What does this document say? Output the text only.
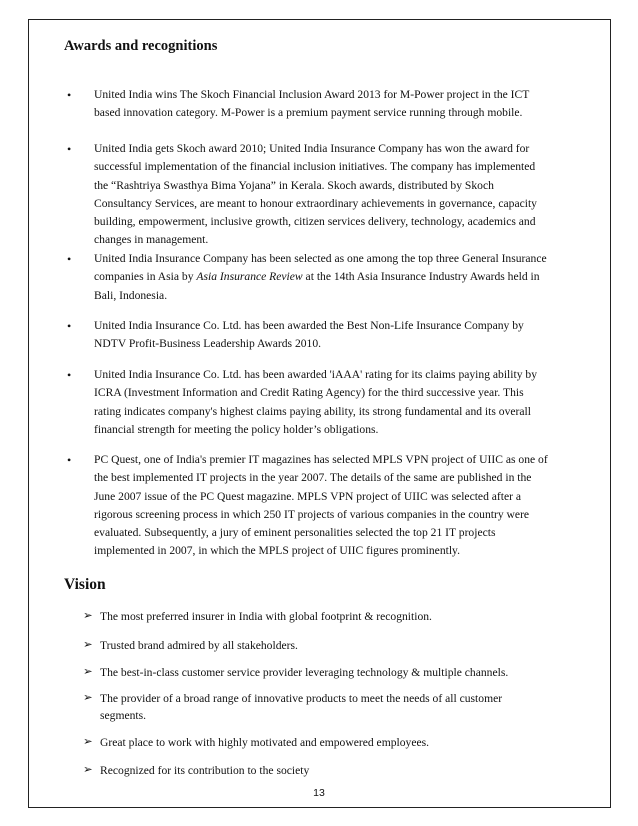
Awards and recognitions
• United India wins The Skoch Financial Inclusion Award 2013 for M-Power project in the ICT based innovation category. M-Power is a premium payment service running through mobile.
• United India gets Skoch award 2010; United India Insurance Company has won the award for successful implementation of the financial inclusion initiatives. The company has implemented the “Rashtriya Swasthya Bima Yojana” in Kerala. Skoch awards, distributed by Skoch Consultancy Services, are meant to honour extraordinary achievements in governance, capacity building, empowerment, inclusive growth, citizen services delivery, technology, academics and changes in management.
• United India Insurance Company has been selected as one among the top three General Insurance companies in Asia by Asia Insurance Review at the 14th Asia Insurance Industry Awards held in Bali, Indonesia.
• United India Insurance Co. Ltd. has been awarded the Best Non-Life Insurance Company by NDTV Profit-Business Leadership Awards 2010.
• United India Insurance Co. Ltd. has been awarded 'iAAA' rating for its claims paying ability by ICRA (Investment Information and Credit Rating Agency) for the third successive year. This rating indicates company's highest claims paying ability, its strong fundamental and its overall financial strength for meeting the policy holder’s obligations.
• PC Quest, one of India's premier IT magazines has selected MPLS VPN project of UIIC as one of the best implemented IT projects in the year 2007. The details of the same are published in the June 2007 issue of the PC Quest magazine. MPLS VPN project of UIIC was selected after a rigorous screening process in which 250 IT projects of various companies in the country were evaluated. Subsequently, a jury of eminent personalities selected the top 21 IT projects implemented in 2007, in which the MPLS project of UIIC figures prominently.
Vision
➢ The most preferred insurer in India with global footprint & recognition.
➢ Trusted brand admired by all stakeholders.
➢ The best-in-class customer service provider leveraging technology & multiple channels.
➢ The provider of a broad range of innovative products to meet the needs of all customer segments.
➢ Great place to work with highly motivated and empowered employees.
➢ Recognized for its contribution to the society
13
